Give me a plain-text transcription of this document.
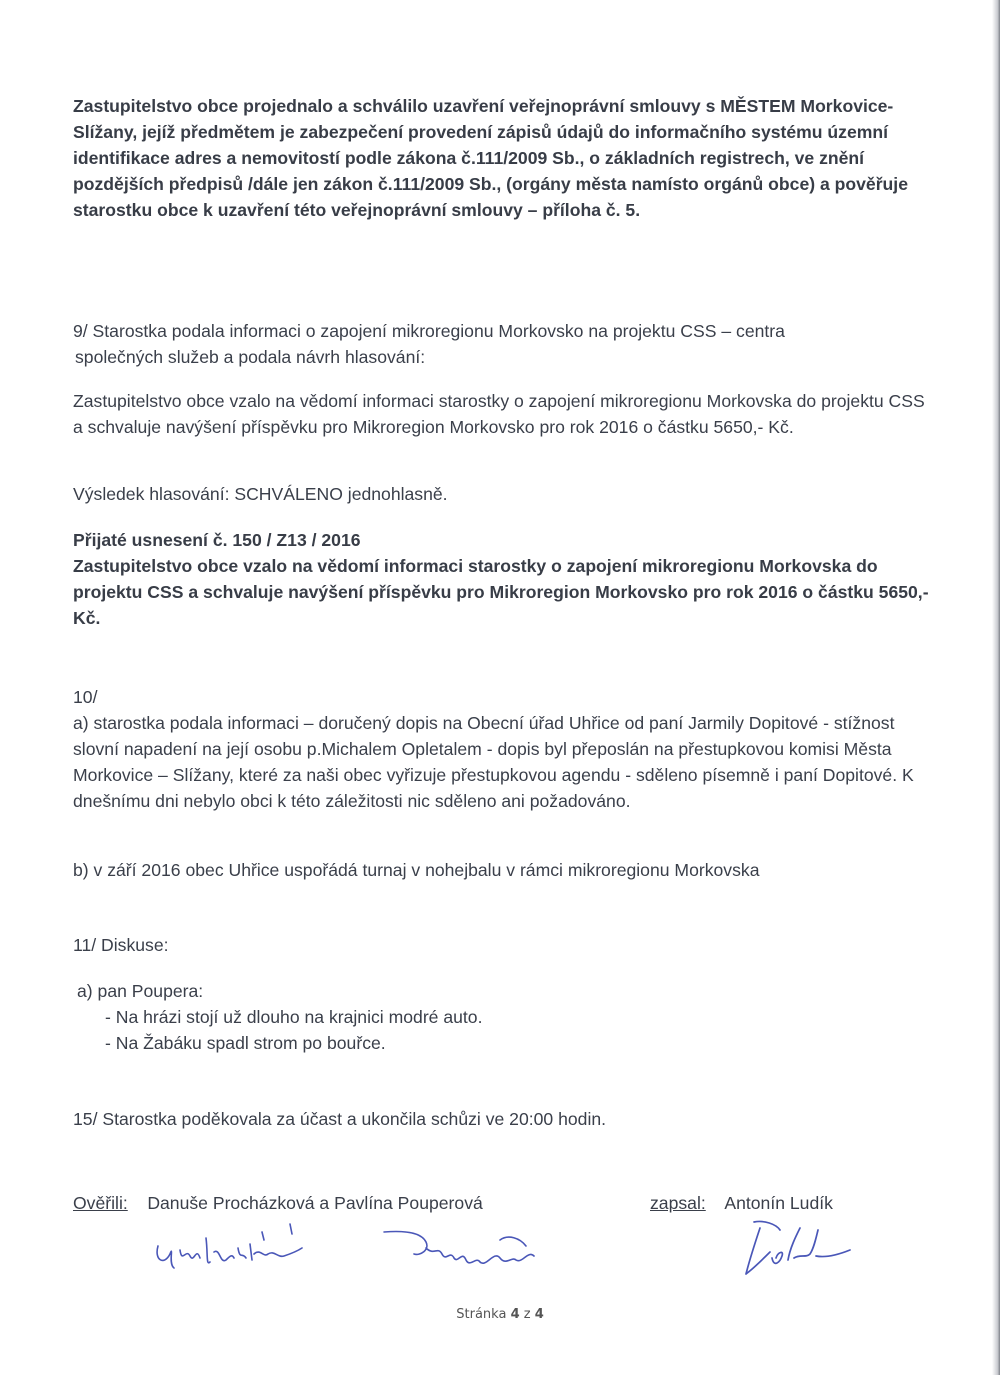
Zastupitelstvo obce projednalo a schválilo uzavření veřejnoprávní smlouvy s MĚSTEM Morkovice-Slížany, jejíž předmětem je zabezpečení provedení zápisů údajů do informačního systému územní identifikace adres a nemovitostí podle zákona č.111/2009 Sb., o základních registrech, ve znění pozdějších předpisů /dále jen zákon č.111/2009 Sb., (orgány města namísto orgánů obce) a pověřuje starostku obce k uzavření této veřejnoprávní smlouvy – příloha č. 5.

9/ Starostka podala informaci o zapojení mikroregionu Morkovsko na projektu CSS – centra

společných služeb a podala návrh hlasování:

Zastupitelstvo obce vzalo na vědomí informaci starostky o zapojení mikroregionu Morkovska do projektu CSS a schvaluje navýšení příspěvku pro Mikroregion Morkovsko pro rok 2016 o částku 5650,- Kč.

Výsledek hlasování: SCHVÁLENO jednohlasně.

Přijaté usnesení č. 150 / Z13 / 2016

Zastupitelstvo obce vzalo na vědomí informaci starostky o zapojení mikroregionu Morkovska do projektu CSS a schvaluje navýšení příspěvku pro Mikroregion Morkovsko pro rok 2016 o částku 5650,- Kč.

10/

a) starostka podala informaci – doručený dopis na Obecní úřad Uhřice od paní Jarmily Dopitové - stížnost slovní napadení na její osobu p.Michalem Opletalem - dopis byl přeposlán na přestupkovou komisi Města Morkovice – Slížany, které za naši obec vyřizuje přestupkovou agendu - sděleno písemně i paní Dopitové. K dnešnímu dni nebylo obci k této záležitosti nic sděleno ani požadováno.

b) v září 2016 obec Uhřice uspořádá turnaj v nohejbalu v rámci mikroregionu Morkovska

11/ Diskuse:

a) pan Poupera:

- Na hrázi stojí už dlouho na krajnici modré auto.

- Na Žabáku spadl strom po bouřce.

15/ Starostka poděkovala za účast a ukončila schůzi ve 20:00 hodin.

Ověřili: Danuše Procházková a Pavlína Pouperová	zapsal: Antonín Ludík
Stránka 4 z 4
